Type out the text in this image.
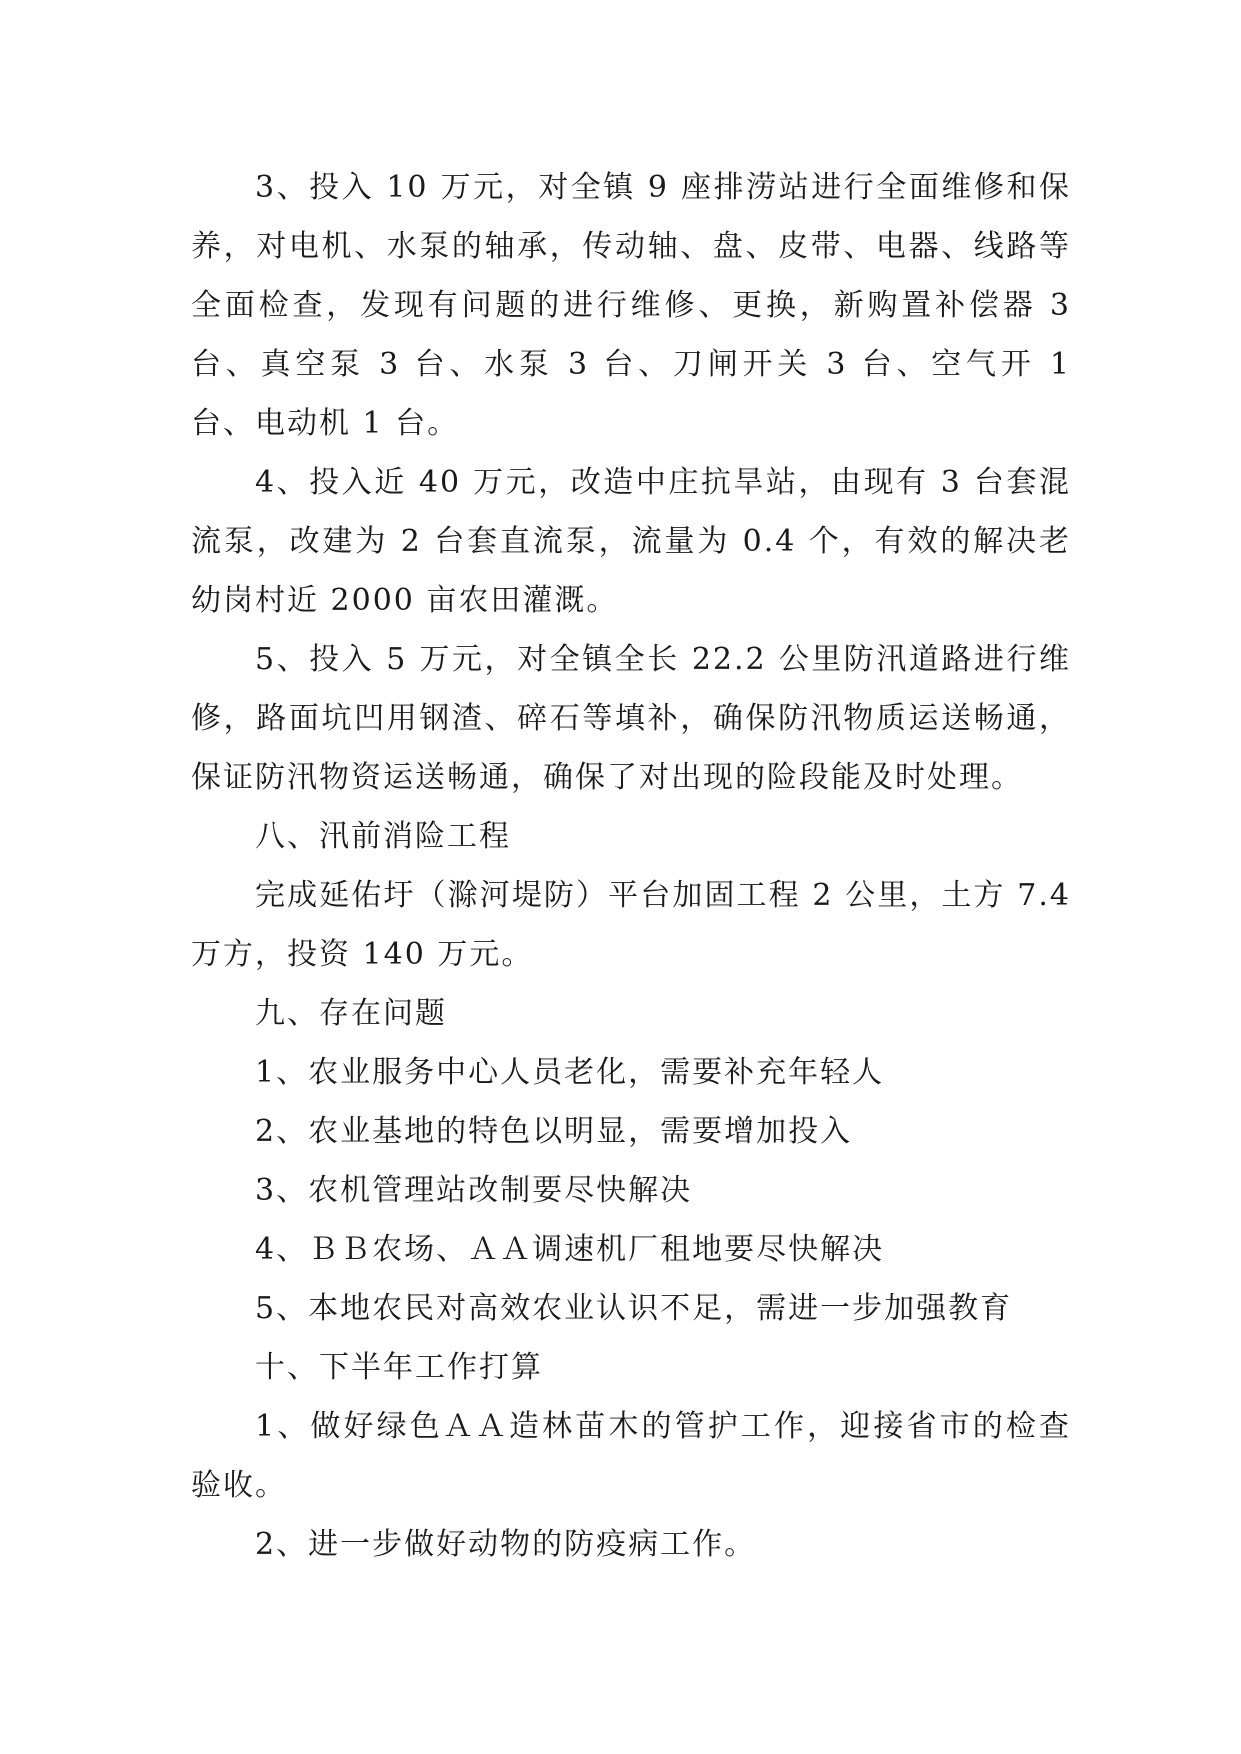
3、投入 10 万元，对全镇 9 座排涝站进行全面维修和保养，对电机、水泵的轴承，传动轴、盘、皮带、电器、线路等全面检查，发现有问题的进行维修、更换，新购置补偿器 3 台、真空泵 3 台、水泵 3 台、刀闸开关 3 台、空气开 1 台、电动机 1 台。

4、投入近 40 万元，改造中庄抗旱站，由现有 3 台套混流泵，改建为 2 台套直流泵，流量为 0.4 个，有效的解决老幼岗村近 2000 亩农田灌溉。

5、投入 5 万元，对全镇全长 22.2 公里防汛道路进行维修，路面坑凹用钢渣、碎石等填补，确保防汛物质运送畅通，保证防汛物资运送畅通，确保了对出现的险段能及时处理。

八、汛前消险工程

完成延佑圩（滁河堤防）平台加固工程 2 公里，土方 7.4 万方，投资 140 万元。

九、存在问题

1、农业服务中心人员老化，需要补充年轻人

2、农业基地的特色以明显，需要增加投入

3、农机管理站改制要尽快解决

4、ＢＢ农场、ＡＡ调速机厂租地要尽快解决

5、本地农民对高效农业认识不足，需进一步加强教育

十、下半年工作打算

1、做好绿色ＡＡ造林苗木的管护工作，迎接省市的检查验收。

2、进一步做好动物的防疫病工作。
